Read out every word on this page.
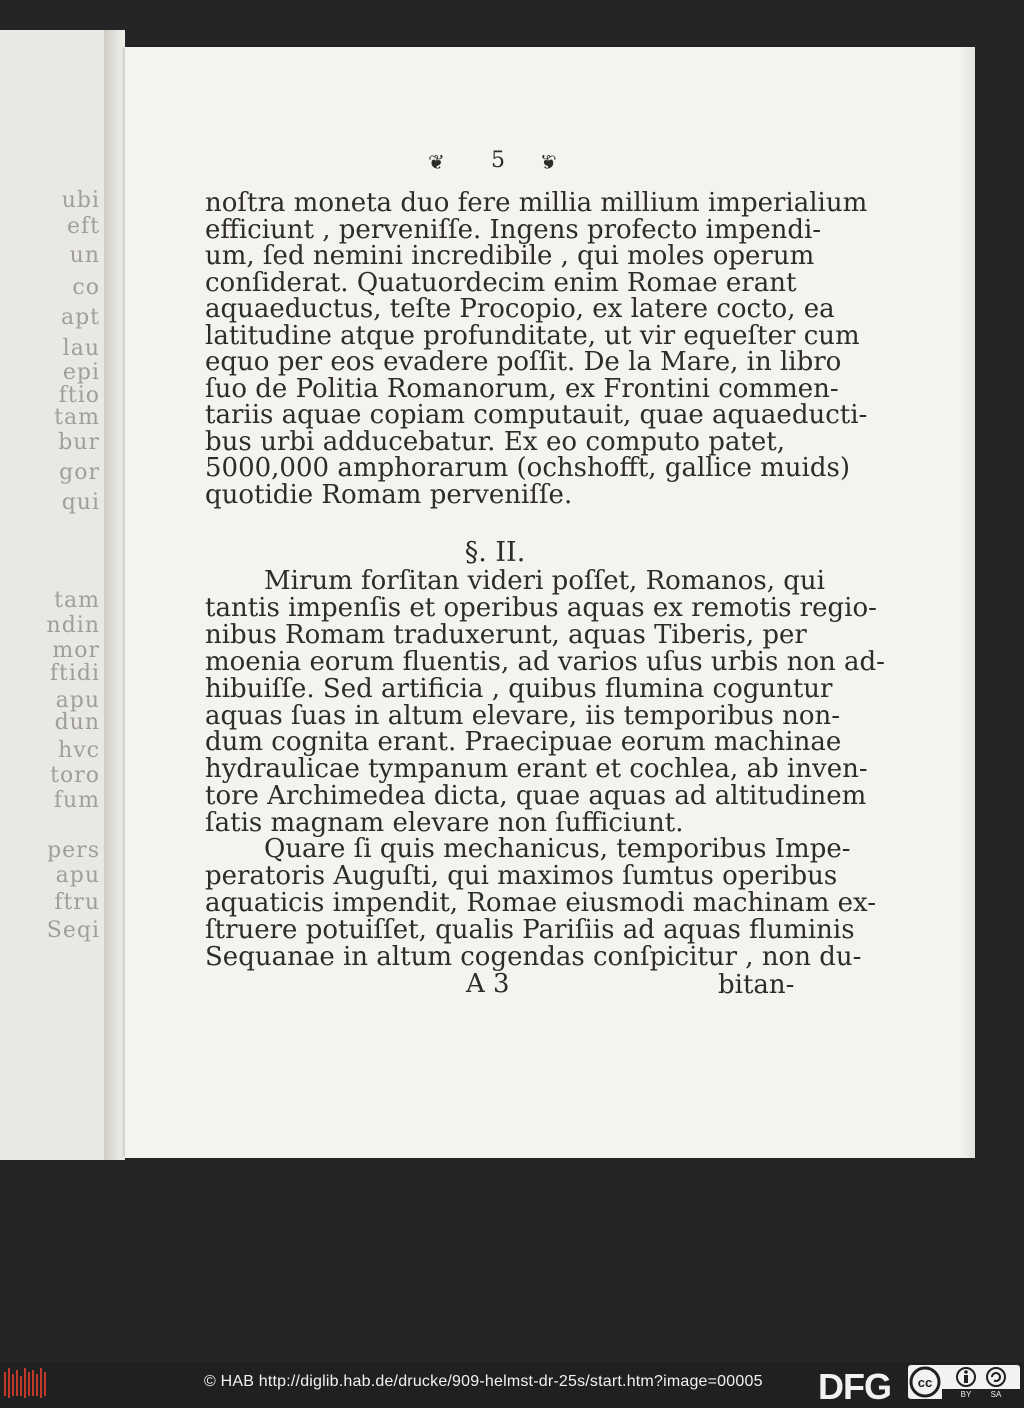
ubi
eft
un
co
apt
lau
epi
ftio
tam
bur
gor
qui
tam
ndin
mor
ftidi
apu
dun
hvc
toro
fum
pers
apu
ftru
Seqi
❦ 5 ❦
noſtra moneta duo fere millia millium imperialium
efficiunt , perveniſſe. Ingens profecto impendi-
um, ſed nemini incredibile , qui moles operum
conſiderat. Quatuordecim enim Romae erant
aquaeductus, teſte Procopio, ex latere cocto, ea
latitudine atque profunditate, ut vir equeſter cum
equo per eos evadere poſſit. De la Mare, in libro
ſuo de Politia Romanorum, ex Frontini commen-
tariis aquae copiam computauit, quae aquaeducti-
bus urbi adducebatur. Ex eo computo patet,
5000,000 amphorarum (ochshofft, gallice muids)
quotidie Romam perveniſſe.
§. II.
Mirum forſitan videri poſſet, Romanos, qui
tantis impenſis et operibus aquas ex remotis regio-
nibus Romam traduxerunt, aquas Tiberis, per
moenia eorum fluentis, ad varios uſus urbis non ad-
hibuiſſe. Sed artificia , quibus flumina coguntur
aquas ſuas in altum elevare, iis temporibus non-
dum cognita erant. Praecipuae eorum machinae
hydraulicae tympanum erant et cochlea, ab inven-
tore Archimedea dicta, quae aquas ad altitudinem
ſatis magnam elevare non ſufficiunt.
Quare ſi quis mechanicus, temporibus Impe-
peratoris Auguſti, qui maximos ſumtus operibus
aquaticis impendit, Romae eiusmodi machinam ex-
ſtruere potuiſſet, qualis Pariſiis ad aquas fluminis
Sequanae in altum cogendas conſpicitur , non du-
A 3	bitan-
© HAB http://diglib.hab.de/drucke/909-helmst-dr-25s/start.htm?image=00005 DFG cc
BY SA
